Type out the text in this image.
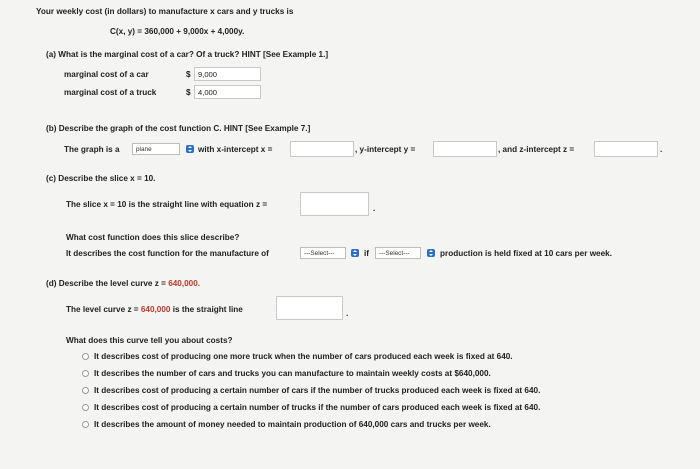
Your weekly cost (in dollars) to manufacture x cars and y trucks is
C(x, y) = 360,000 + 9,000x + 4,000y.
(a) What is the marginal cost of a car? Of a truck? HINT [See Example 1.]
marginal cost of a car	$ 9,000
marginal cost of a truck	$ 4,000
(b) Describe the graph of the cost function C. HINT [See Example 7.]
The graph is a	plane	with x-intercept x =	, y-intercept y =	, and z-intercept z =	.
(c) Describe the slice x = 10.
The slice x = 10 is the straight line with equation z =	.
What cost function does this slice describe?
It describes the cost function for the manufacture of	---Select---	if	---Select---	production is held fixed at 10 cars per week.
(d) Describe the level curve z = 640,000.
The level curve z = 640,000 is the straight line	.
What does this curve tell you about costs?
It describes cost of producing one more truck when the number of cars produced each week is fixed at 640.
It describes the number of cars and trucks you can manufacture to maintain weekly costs at $640,000.
It describes cost of producing a certain number of cars if the number of trucks produced each week is fixed at 640.
It describes cost of producing a certain number of trucks if the number of cars produced each week is fixed at 640.
It describes the amount of money needed to maintain production of 640,000 cars and trucks per week.
